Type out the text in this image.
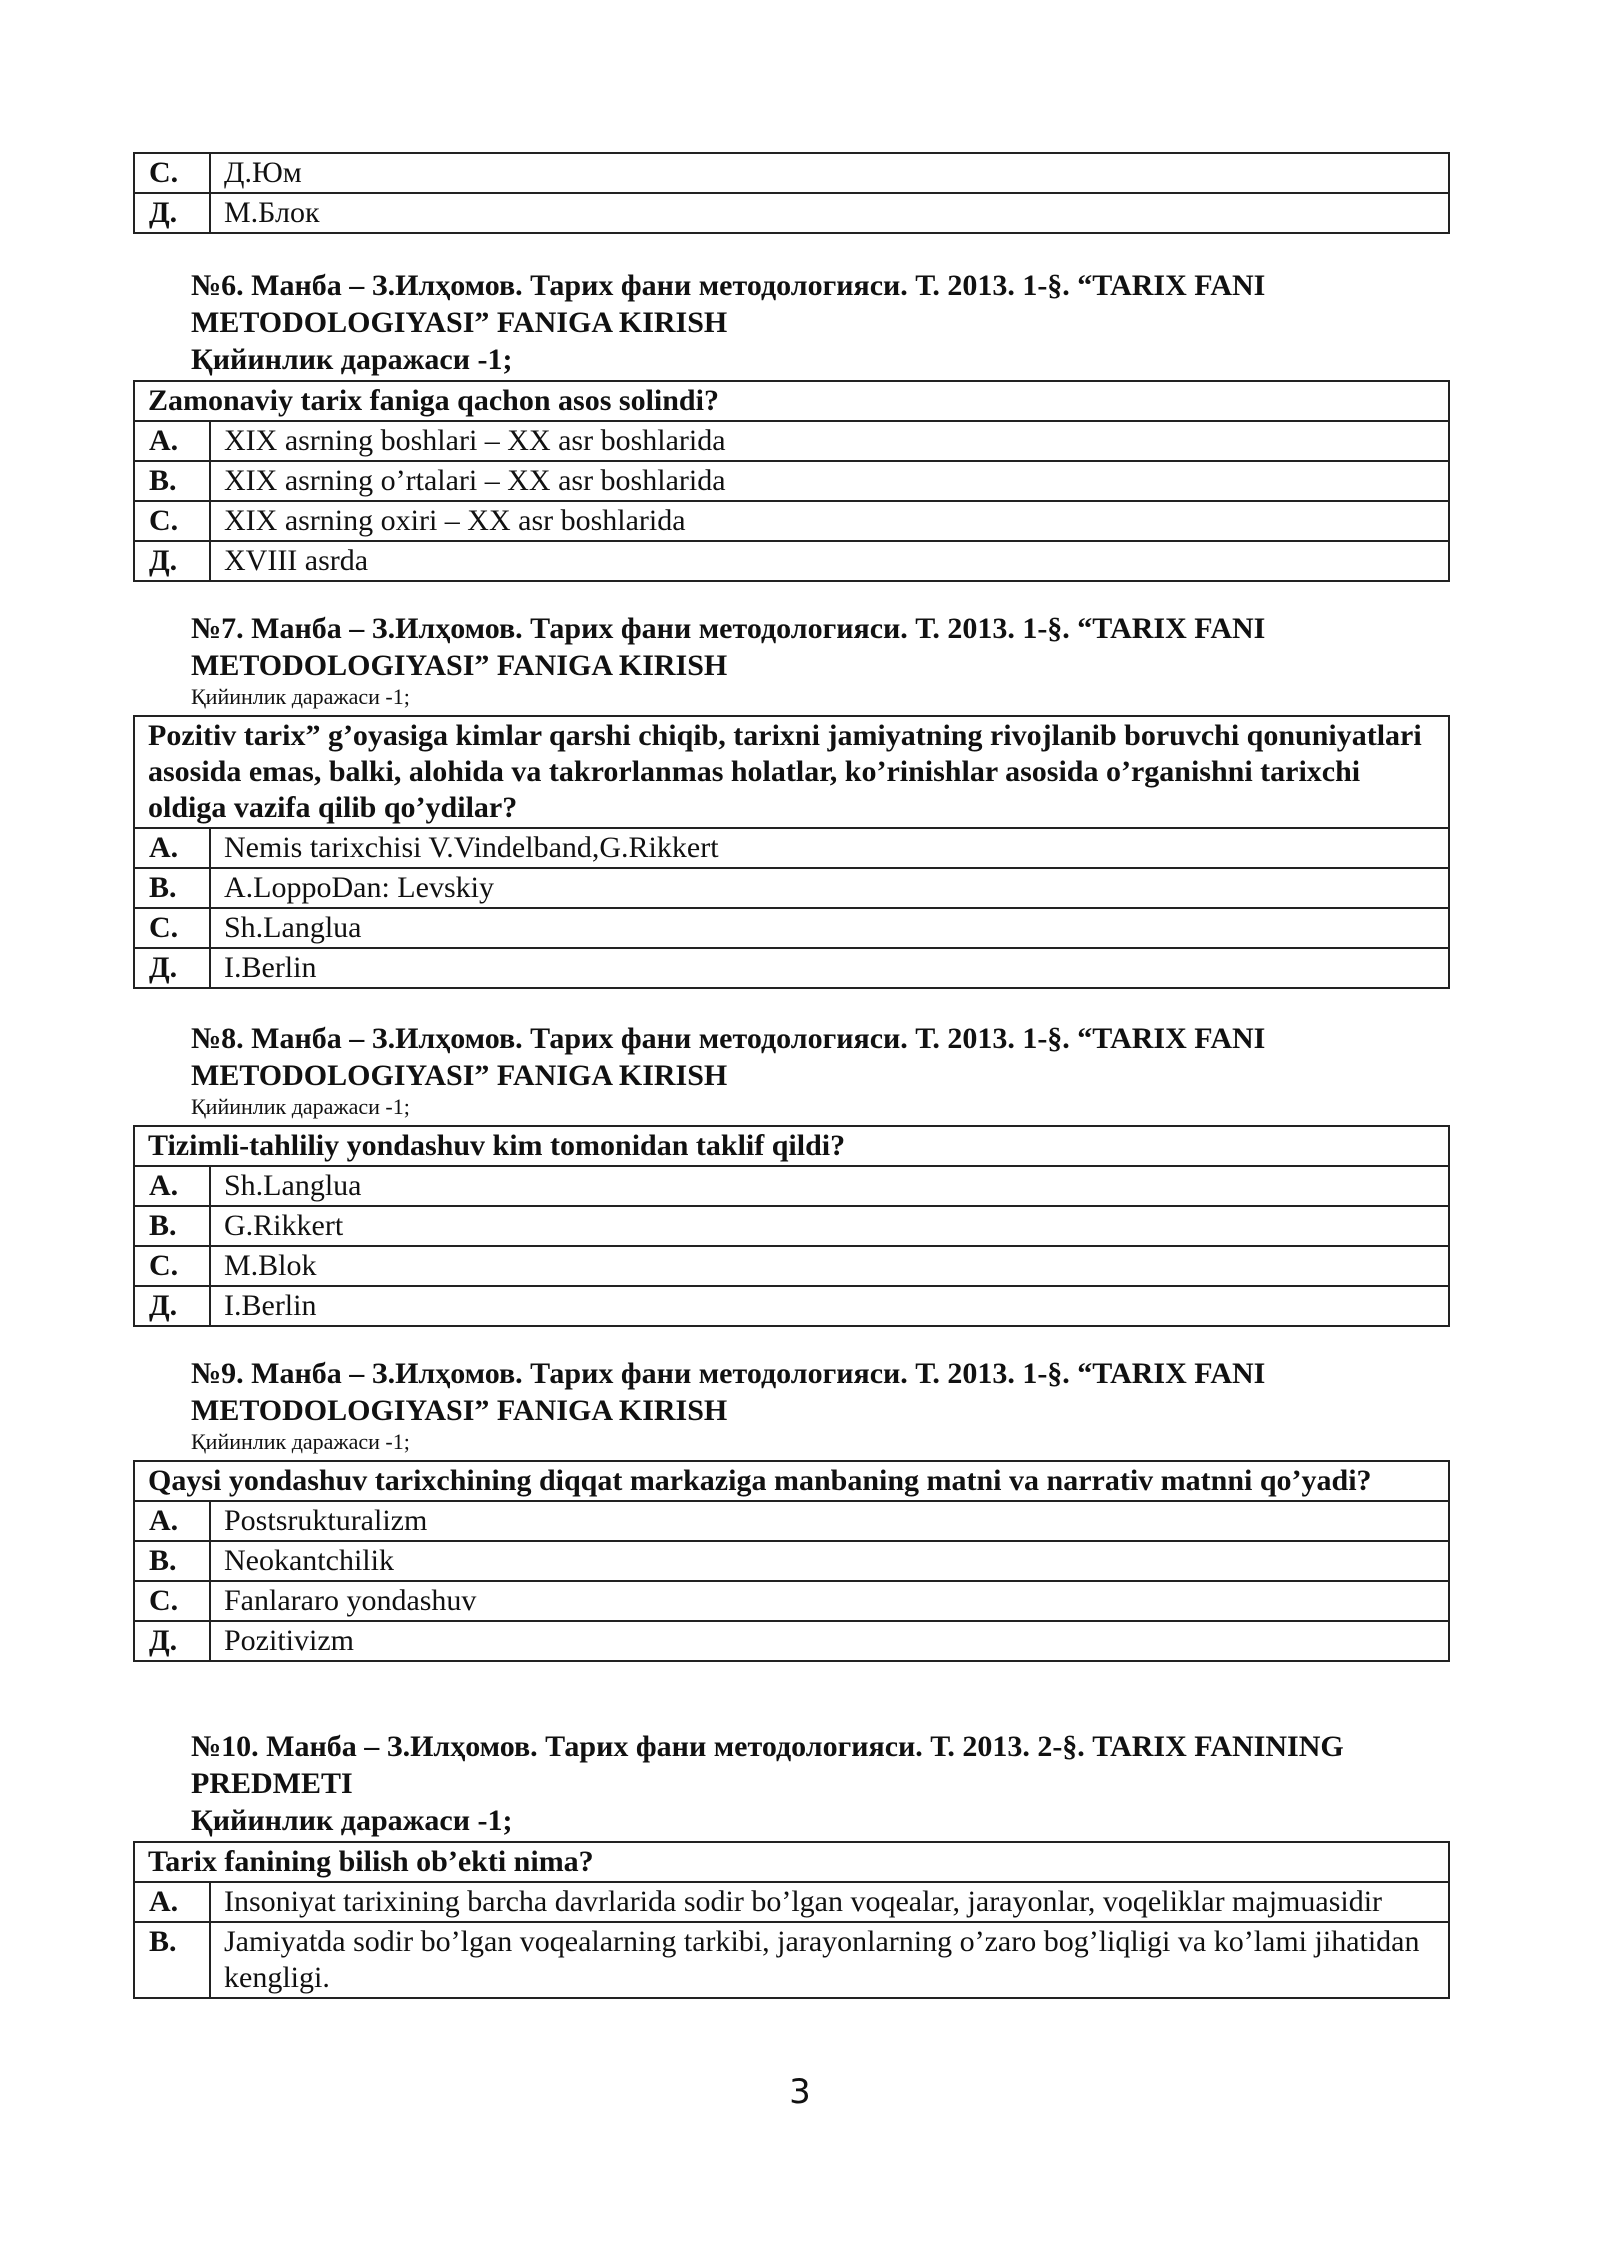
C.	Д.Юм
Д.	М.Блок
№6. Манба – З.Илҳомов. Тарих фани методологияси. Т. 2013. 1-§. “TARIX FANI
METODOLOGIYASI” FANIGA KIRISH
Қийинлик даражаси -1;
Zamonaviy tarix faniga qachon asos solindi?	
A.	XIX asrning boshlari – XX asr boshlarida
B.	XIX asrning o’rtalari – XX asr boshlarida
C.	XIX asrning oxiri – XX asr boshlarida
Д.	XVIII asrda
№7. Манба – З.Илҳомов. Тарих фани методологияси. Т. 2013. 1-§. “TARIX FANI
METODOLOGIYASI” FANIGA KIRISH
Қийинлик даражаси -1;
Pozitiv tarix” g’oyasiga kimlar qarshi chiqib, tarixni jamiyatning rivojlanib boruvchi qonuniyatlari asosida emas, balki, alohida va takrorlanmas holatlar, ko’rinishlar asosida o’rganishni tarixchi oldiga vazifa qilib qo’ydilar?	
A.	Nemis tarixchisi V.Vindelband,G.Rikkert
B.	A.LoppoDan: Levskiy
C.	Sh.Langlua
Д.	I.Berlin
№8. Манба – З.Илҳомов. Тарих фани методологияси. Т. 2013. 1-§. “TARIX FANI
METODOLOGIYASI” FANIGA KIRISH
Қийинлик даражаси -1;
Tizimli-tahliliy yondashuv kim tomonidan taklif qildi?	
A.	Sh.Langlua
B.	G.Rikkert
C.	M.Blok
Д.	I.Berlin
№9. Манба – З.Илҳомов. Тарих фани методологияси. Т. 2013. 1-§. “TARIX FANI
METODOLOGIYASI” FANIGA KIRISH
Қийинлик даражаси -1;
Qaysi yondashuv tarixchining diqqat markaziga manbaning matni va narrativ matnni qo’yadi?	
A.	Postsrukturalizm
B.	Neokantchilik
C.	Fanlararo yondashuv
Д.	Pozitivizm
№10. Манба – З.Илҳомов. Тарих фани методологияси. Т. 2013. 2-§. TARIX FANINING
PREDMETI
Қийинлик даражаси -1;
Tarix fanining bilish ob’ekti nima?	
A.	Insoniyat tarixining barcha davrlarida sodir bo’lgan voqealar, jarayonlar, voqeliklar majmuasidir
B.	Jamiyatda sodir bo’lgan voqealarning tarkibi, jarayonlarning o’zaro bog’liqligi va ko’lami jihatidan kengligi.
3
